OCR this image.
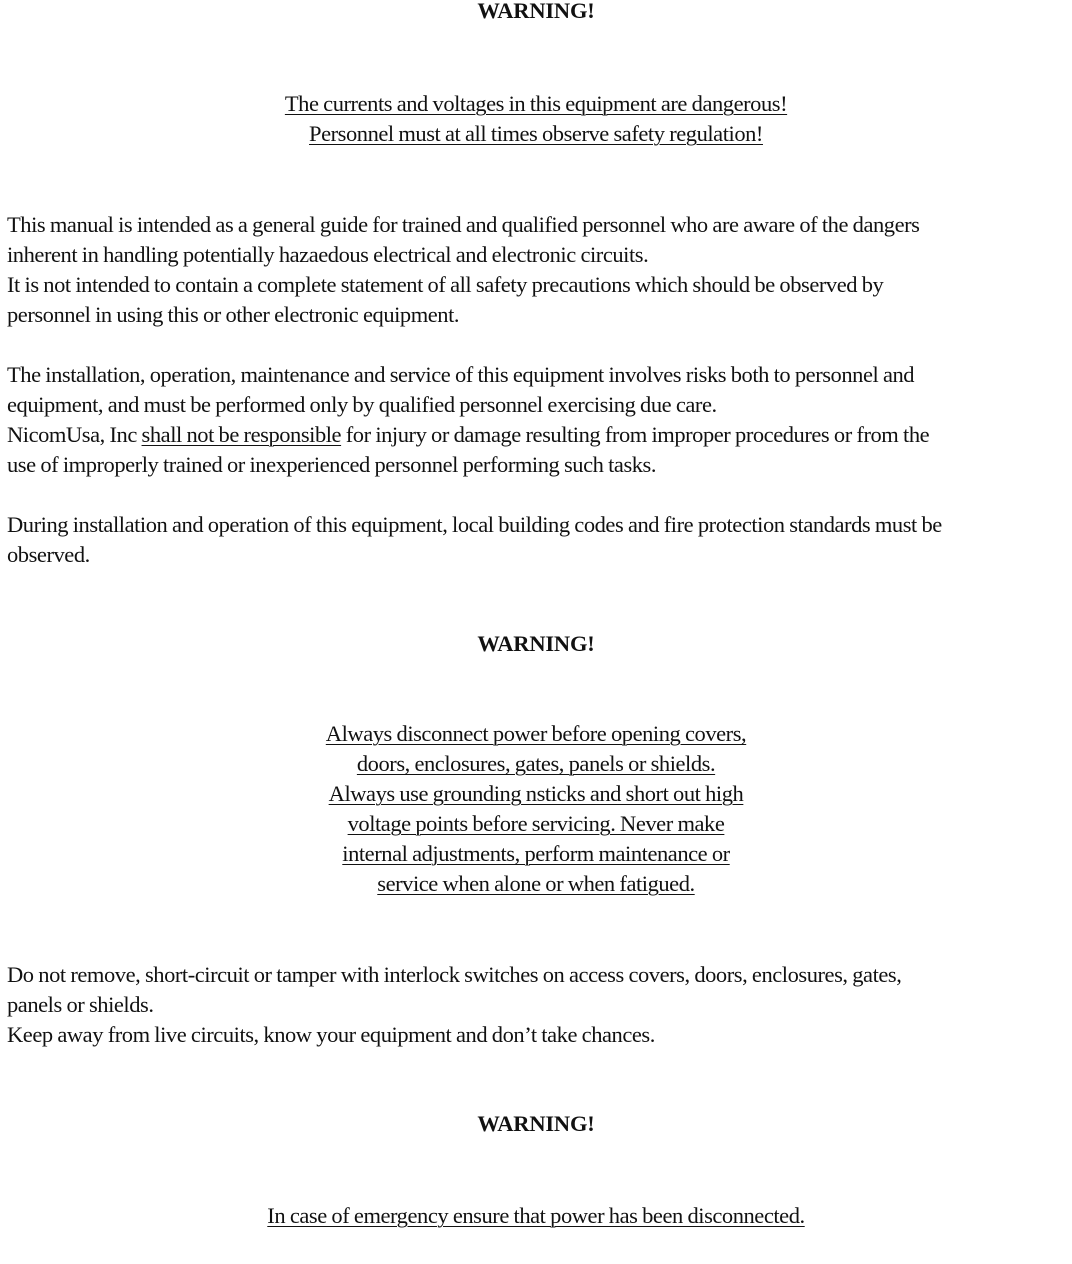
WARNING!
The currents and voltages in this equipment are dangerous!
Personnel must at all times observe safety regulation!
This manual is intended as a general guide for trained and qualified personnel who are aware of the dangers
inherent in handling potentially hazaedous electrical and electronic circuits.
It is not intended to contain a complete statement of all safety precautions which should be observed by
personnel in using this or other electronic equipment.
The installation, operation, maintenance and service of this equipment involves risks both to personnel and
equipment, and must be performed only by qualified personnel exercising due care.
NicomUsa, Inc shall not be responsible for injury or damage resulting from improper procedures or from the
use of improperly trained or inexperienced personnel performing such tasks.
During installation and operation of this equipment, local building codes and fire protection standards must be
observed.
WARNING!
Always disconnect power before opening covers,
doors, enclosures, gates, panels or shields.
Always use grounding nsticks and short out high
voltage points before servicing. Never make
internal adjustments, perform maintenance or
service when alone or when fatigued.
Do not remove, short-circuit or tamper with interlock switches on access covers, doors, enclosures, gates,
panels or shields.
Keep away from live circuits, know your equipment and don’t take chances.
WARNING!
In case of emergency ensure that power has been disconnected.
